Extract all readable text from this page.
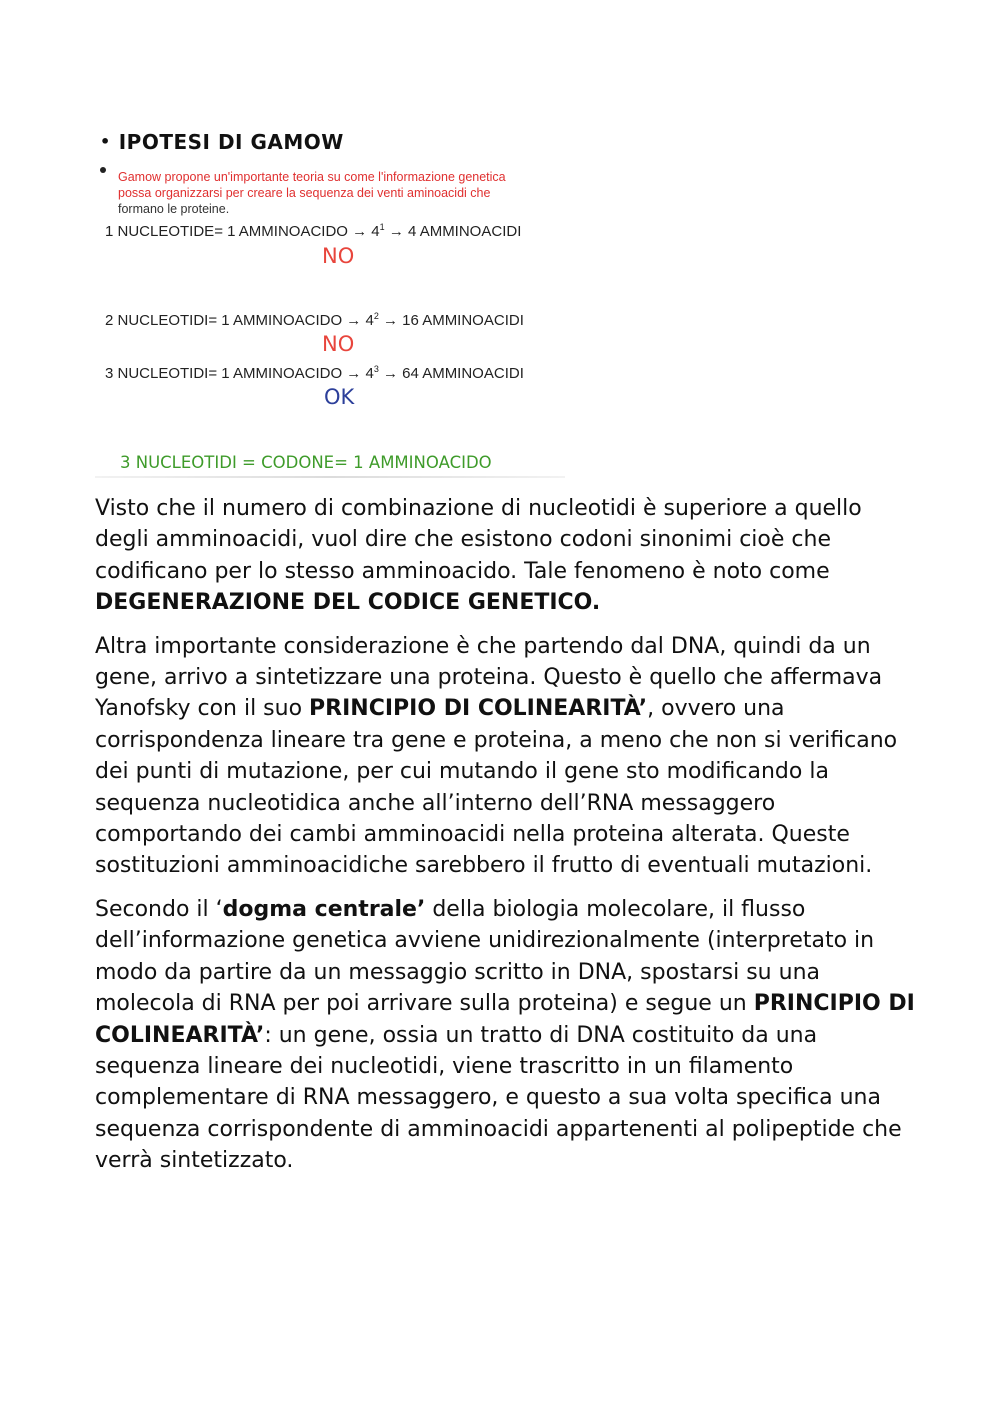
• IPOTESI DI GAMOW
Gamow propone un'importante teoria su come l'informazione genetica
possa organizzarsi per creare la sequenza dei venti aminoacidi che
formano le proteine.
1 NUCLEOTIDE= 1 AMMINOACIDO → $4^1 \to 4$ AMMINOACIDI
NO
2 NUCLEOTIDI= 1 AMMINOACIDO → $4^2 \to 16$ AMMINOACIDI
NO
3 NUCLEOTIDI= 1 AMMINOACIDO → $4^3 \to 64$ AMMINOACIDI
OK
3 NUCLEOTIDI = CODONE= 1 AMMINOACIDO

Visto che il numero di combinazione di nucleotidi è superiore a quello degli amminoacidi, vuol dire che esistono codoni sinonimi cioè che codificano per lo stesso amminoacido. Tale fenomeno è noto come DEGENERAZIONE DEL CODICE GENETICO.

Altra importante considerazione è che partendo dal DNA, quindi da un gene, arrivo a sintetizzare una proteina. Questo è quello che affermava Yanofsky con il suo PRINCIPIO DI COLINEARITÀ’, ovvero una corrispondenza lineare tra gene e proteina, a meno che non si verificano dei punti di mutazione, per cui mutando il gene sto modificando la sequenza nucleotidica anche all’interno dell’RNA messaggero comportando dei cambi amminoacidi nella proteina alterata. Queste sostituzioni amminoacidiche sarebbero il frutto di eventuali mutazioni.

Secondo il ‘dogma centrale’ della biologia molecolare, il flusso dell’informazione genetica avviene unidirezionalmente (interpretato in modo da partire da un messaggio scritto in DNA, spostarsi su una molecola di RNA per poi arrivare sulla proteina) e segue un PRINCIPIO DI COLINEARITÀ’: un gene, ossia un tratto di DNA costituito da una sequenza lineare dei nucleotidi, viene trascritto in un filamento complementare di RNA messaggero, e questo a sua volta specifica una sequenza corrispondente di amminoacidi appartenenti al polipeptide che verrà sintetizzato.
